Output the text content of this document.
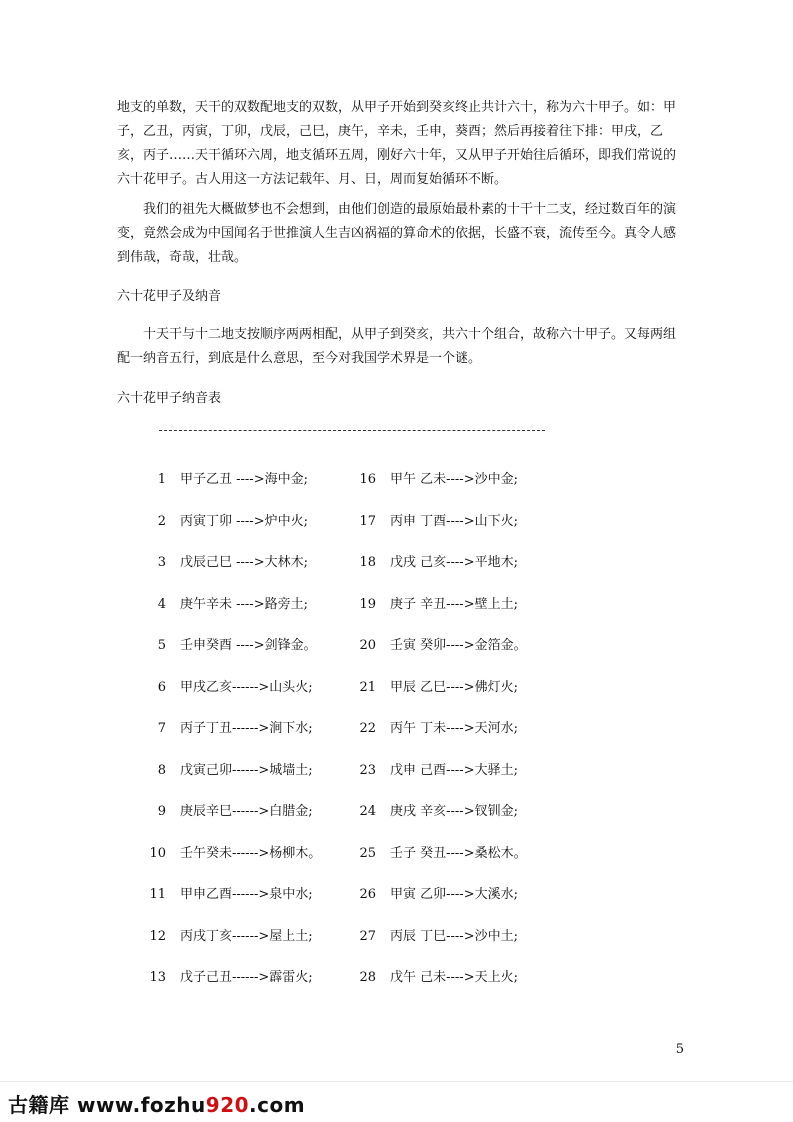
地支的单数，天干的双数配地支的双数，从甲子开始到癸亥终止共计六十，称为六十甲子。如：甲子，乙丑，丙寅，丁卯，戊辰，己巳，庚午，辛未，壬申，葵酉；然后再接着往下排：甲戌，乙亥，丙子……天干循环六周，地支循环五周，刚好六十年，又从甲子开始往后循环，即我们常说的六十花甲子。古人用这一方法记载年、月、日，周而复始循环不断。

我们的祖先大概做梦也不会想到，由他们创造的最原始最朴素的十干十二支，经过数百年的演变，竟然会成为中国闻名于世推演人生吉凶祸福的算命术的依据，长盛不衰，流传至今。真令人感到伟哉，奇哉，壮哉。

六十花甲子及纳音

十天干与十二地支按顺序两两相配，从甲子到癸亥，共六十个组合，故称六十甲子。又每两组配一纳音五行，到底是什么意思，至今对我国学术界是一个谜。

六十花甲子纳音表

1 甲子乙丑 ---->海中金;	16 甲午 乙未---->沙中金;
2 丙寅丁卯 ---->炉中火;	17 丙申 丁酉---->山下火;
3 戊辰己巳 ---->大林木;	18 戊戌 己亥---->平地木;
4 庚午辛未 ---->路旁土;	19 庚子 辛丑---->壁上土;
5 壬申癸酉 ---->剑锋金。	20 壬寅 癸卯---->金箔金。
6 甲戌乙亥------>山头火;	21 甲辰 乙巳---->佛灯火;
7 丙子丁丑------>涧下水;	22 丙午 丁未---->天河水;
8 戊寅己卯------>城墙土;	23 戊申 己酉---->大驿土;
9 庚辰辛巳------>白腊金;	24 庚戌 辛亥---->钗钏金;
10 壬午癸未------>杨柳木。	25 壬子 癸丑---->桑松木。
11 甲申乙酉------>泉中水;	26 甲寅 乙卯---->大溪水;
12 丙戌丁亥------>屋上土;	27 丙辰 丁巳---->沙中土;
13 戊子己丑------>霹雷火;	28 戊午 己未---->天上火;
5
古籍库 www.fozhu920.com
